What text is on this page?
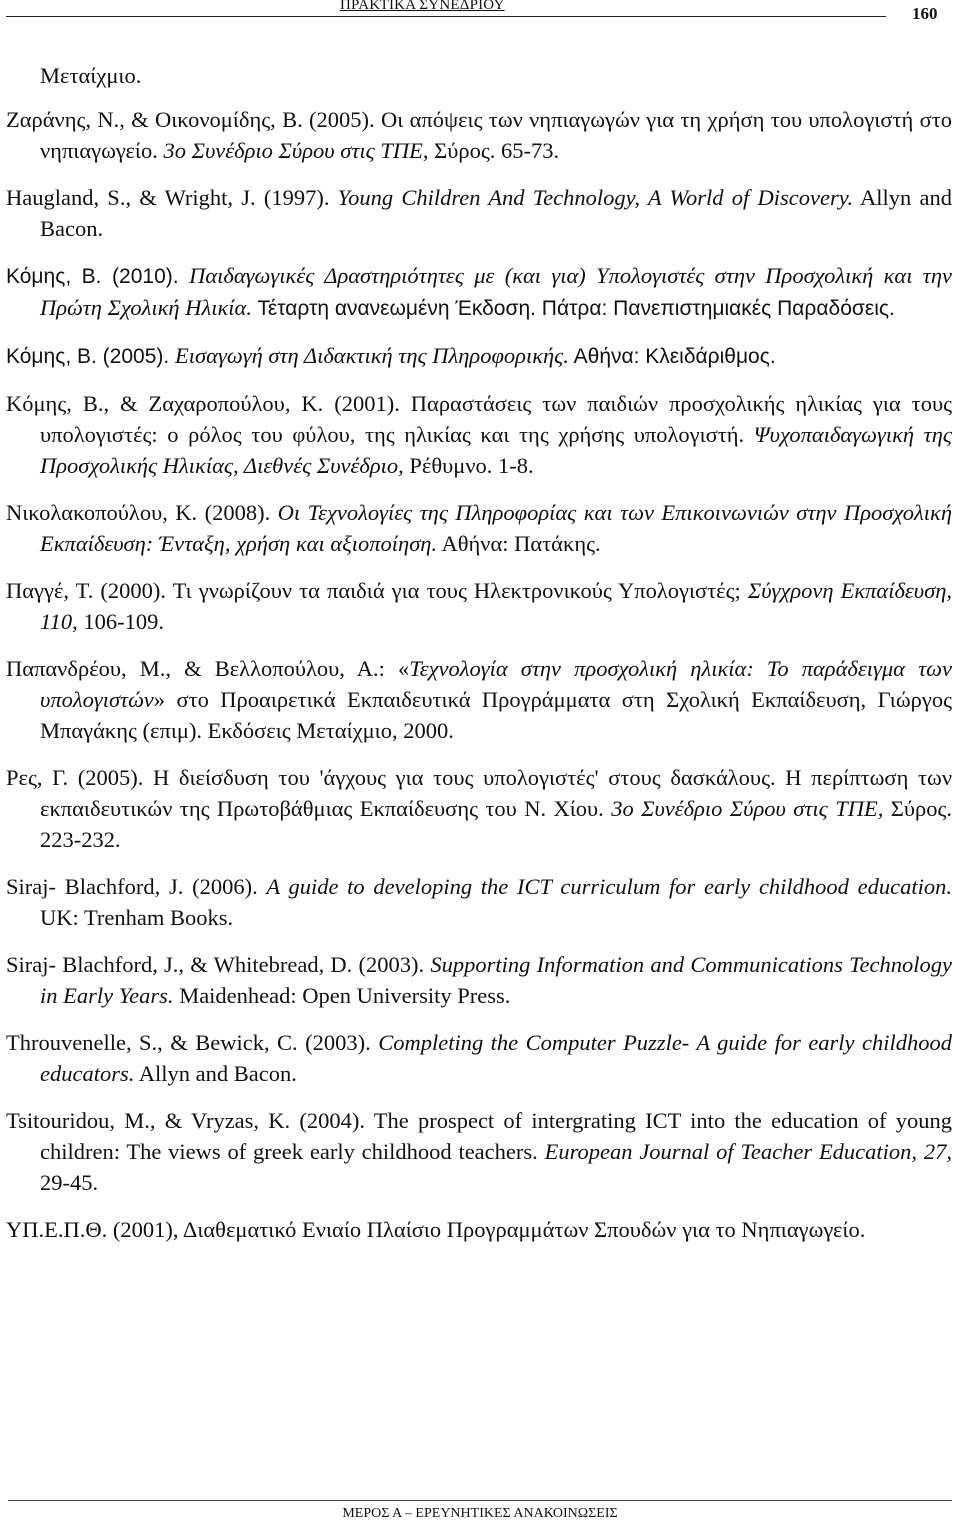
ΠΡΑΚΤΙΚΑ ΣΥΝΕΔΡΙΟΥ	160

Μεταίχμιο.

Ζαράνης, Ν., & Οικονομίδης, Β. (2005). Οι απόψεις των νηπιαγωγών για τη χρήση του υπολογιστή στο νηπιαγωγείο. 3ο Συνέδριο Σύρου στις ΤΠΕ, Σύρος. 65-73.

Haugland, S., & Wright, J. (1997). Young Children And Technology, A World of Discovery. Allyn and Bacon.

Κόμης, Β. (2010). Παιδαγωγικές Δραστηριότητες με (και για) Υπολογιστές στην Προσχολική και την Πρώτη Σχολική Ηλικία. Τέταρτη ανανεωμένη Έκδοση. Πάτρα: Πανεπιστημιακές Παραδόσεις.

Κόμης, Β. (2005). Εισαγωγή στη Διδακτική της Πληροφορικής. Αθήνα: Κλειδάριθμος.

Κόμης, Β., & Ζαχαροπούλου, Κ. (2001). Παραστάσεις των παιδιών προσχολικής ηλικίας για τους υπολογιστές: ο ρόλος του φύλου, της ηλικίας και της χρήσης υπολογιστή. Ψυχοπαιδαγωγική της Προσχολικής Ηλικίας, Διεθνές Συνέδριο, Ρέθυμνο. 1-8.

Νικολακοπούλου, Κ. (2008). Οι Τεχνολογίες της Πληροφορίας και των Επικοινωνιών στην Προσχολική Εκπαίδευση: Ένταξη, χρήση και αξιοποίηση. Αθήνα: Πατάκης.

Παγγέ, Τ. (2000). Τι γνωρίζουν τα παιδιά για τους Ηλεκτρονικούς Υπολογιστές; Σύγχρονη Εκπαίδευση, 110, 106-109.

Παπανδρέου, Μ., & Βελλοπούλου, Α.: «Τεχνολογία στην προσχολική ηλικία: Το παράδειγμα των υπολογιστών» στο Προαιρετικά Εκπαιδευτικά Προγράμματα στη Σχολική Εκπαίδευση, Γιώργος Μπαγάκης (επιμ). Εκδόσεις Μεταίχμιο, 2000.

Ρες, Γ. (2005). Η διείσδυση του 'άγχους για τους υπολογιστές' στους δασκάλους. Η περίπτωση των εκπαιδευτικών της Πρωτοβάθμιας Εκπαίδευσης του Ν. Χίου. 3ο Συνέδριο Σύρου στις ΤΠΕ, Σύρος. 223-232.

Siraj- Blachford, J. (2006). A guide to developing the ICT curriculum for early childhood education. UK: Trenham Books.

Siraj- Blachford, J., & Whitebread, D. (2003). Supporting Information and Communications Technology in Early Years. Maidenhead: Open University Press.

Throuvenelle, S., & Bewick, C. (2003). Completing the Computer Puzzle- A guide for early childhood educators. Allyn and Bacon.

Tsitouridou, M., & Vryzas, K. (2004). The prospect of intergrating ICT into the education of young children: The views of greek early childhood teachers. European Journal of Teacher Education, 27, 29-45.

ΥΠ.Ε.Π.Θ. (2001), Διαθεματικό Ενιαίο Πλαίσιο Προγραμμάτων Σπουδών για το Νηπιαγωγείο.

ΜΕΡΟΣ Α – ΕΡΕΥΝΗΤΙΚΕΣ ΑΝΑΚΟΙΝΩΣΕΙΣ
